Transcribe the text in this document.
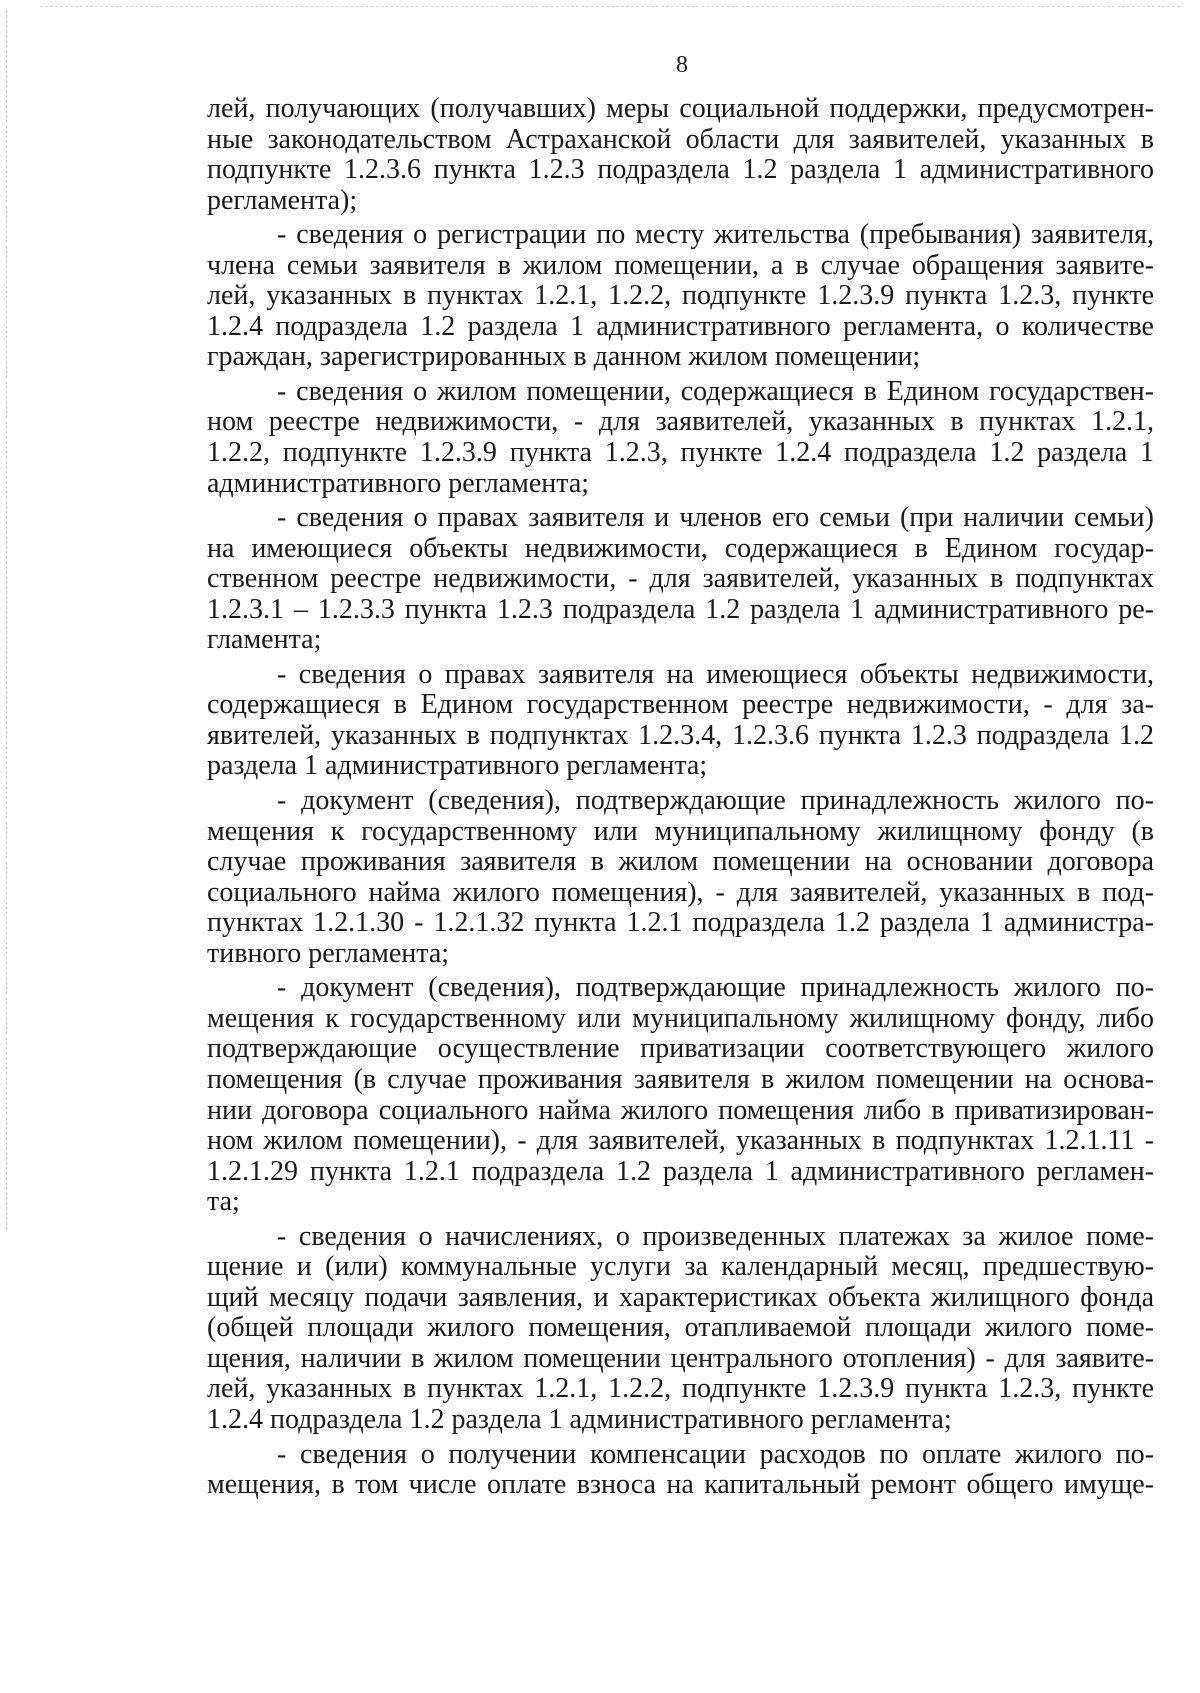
8
лей, получающих (получавших) меры социальной поддержки, предусмотрен-
ные законодательством Астраханской области для заявителей, указанных в
подпункте 1.2.3.6 пункта 1.2.3 подраздела 1.2 раздела 1 административного
регламента);
- сведения о регистрации по месту жительства (пребывания) заявителя,
члена семьи заявителя в жилом помещении, а в случае обращения заявите-
лей, указанных в пунктах 1.2.1, 1.2.2, подпункте 1.2.3.9 пункта 1.2.3, пункте
1.2.4 подраздела 1.2 раздела 1 административного регламента, о количестве
граждан, зарегистрированных в данном жилом помещении;
- сведения о жилом помещении, содержащиеся в Едином государствен-
ном реестре недвижимости, - для заявителей, указанных в пунктах 1.2.1,
1.2.2, подпункте 1.2.3.9 пункта 1.2.3, пункте 1.2.4 подраздела 1.2 раздела 1
административного регламента;
- сведения о правах заявителя и членов его семьи (при наличии семьи)
на имеющиеся объекты недвижимости, содержащиеся в Едином государ-
ственном реестре недвижимости, - для заявителей, указанных в подпунктах
1.2.3.1 – 1.2.3.3 пункта 1.2.3 подраздела 1.2 раздела 1 административного ре-
гламента;
- сведения о правах заявителя на имеющиеся объекты недвижимости,
содержащиеся в Едином государственном реестре недвижимости, - для за-
явителей, указанных в подпунктах 1.2.3.4, 1.2.3.6 пункта 1.2.3 подраздела 1.2
раздела 1 административного регламента;
- документ (сведения), подтверждающие принадлежность жилого по-
мещения к государственному или муниципальному жилищному фонду (в
случае проживания заявителя в жилом помещении на основании договора
социального найма жилого помещения), - для заявителей, указанных в под-
пунктах 1.2.1.30 - 1.2.1.32 пункта 1.2.1 подраздела 1.2 раздела 1 администра-
тивного регламента;
- документ (сведения), подтверждающие принадлежность жилого по-
мещения к государственному или муниципальному жилищному фонду, либо
подтверждающие осуществление приватизации соответствующего жилого
помещения (в случае проживания заявителя в жилом помещении на основа-
нии договора социального найма жилого помещения либо в приватизирован-
ном жилом помещении), - для заявителей, указанных в подпунктах 1.2.1.11 -
1.2.1.29 пункта 1.2.1 подраздела 1.2 раздела 1 административного регламен-
та;
- сведения о начислениях, о произведенных платежах за жилое поме-
щение и (или) коммунальные услуги за календарный месяц, предшествую-
щий месяцу подачи заявления, и характеристиках объекта жилищного фонда
(общей площади жилого помещения, отапливаемой площади жилого поме-
щения, наличии в жилом помещении центрального отопления) - для заявите-
лей, указанных в пунктах 1.2.1, 1.2.2, подпункте 1.2.3.9 пункта 1.2.3, пункте
1.2.4 подраздела 1.2 раздела 1 административного регламента;
- сведения о получении компенсации расходов по оплате жилого по-
мещения, в том числе оплате взноса на капитальный ремонт общего имуще-
